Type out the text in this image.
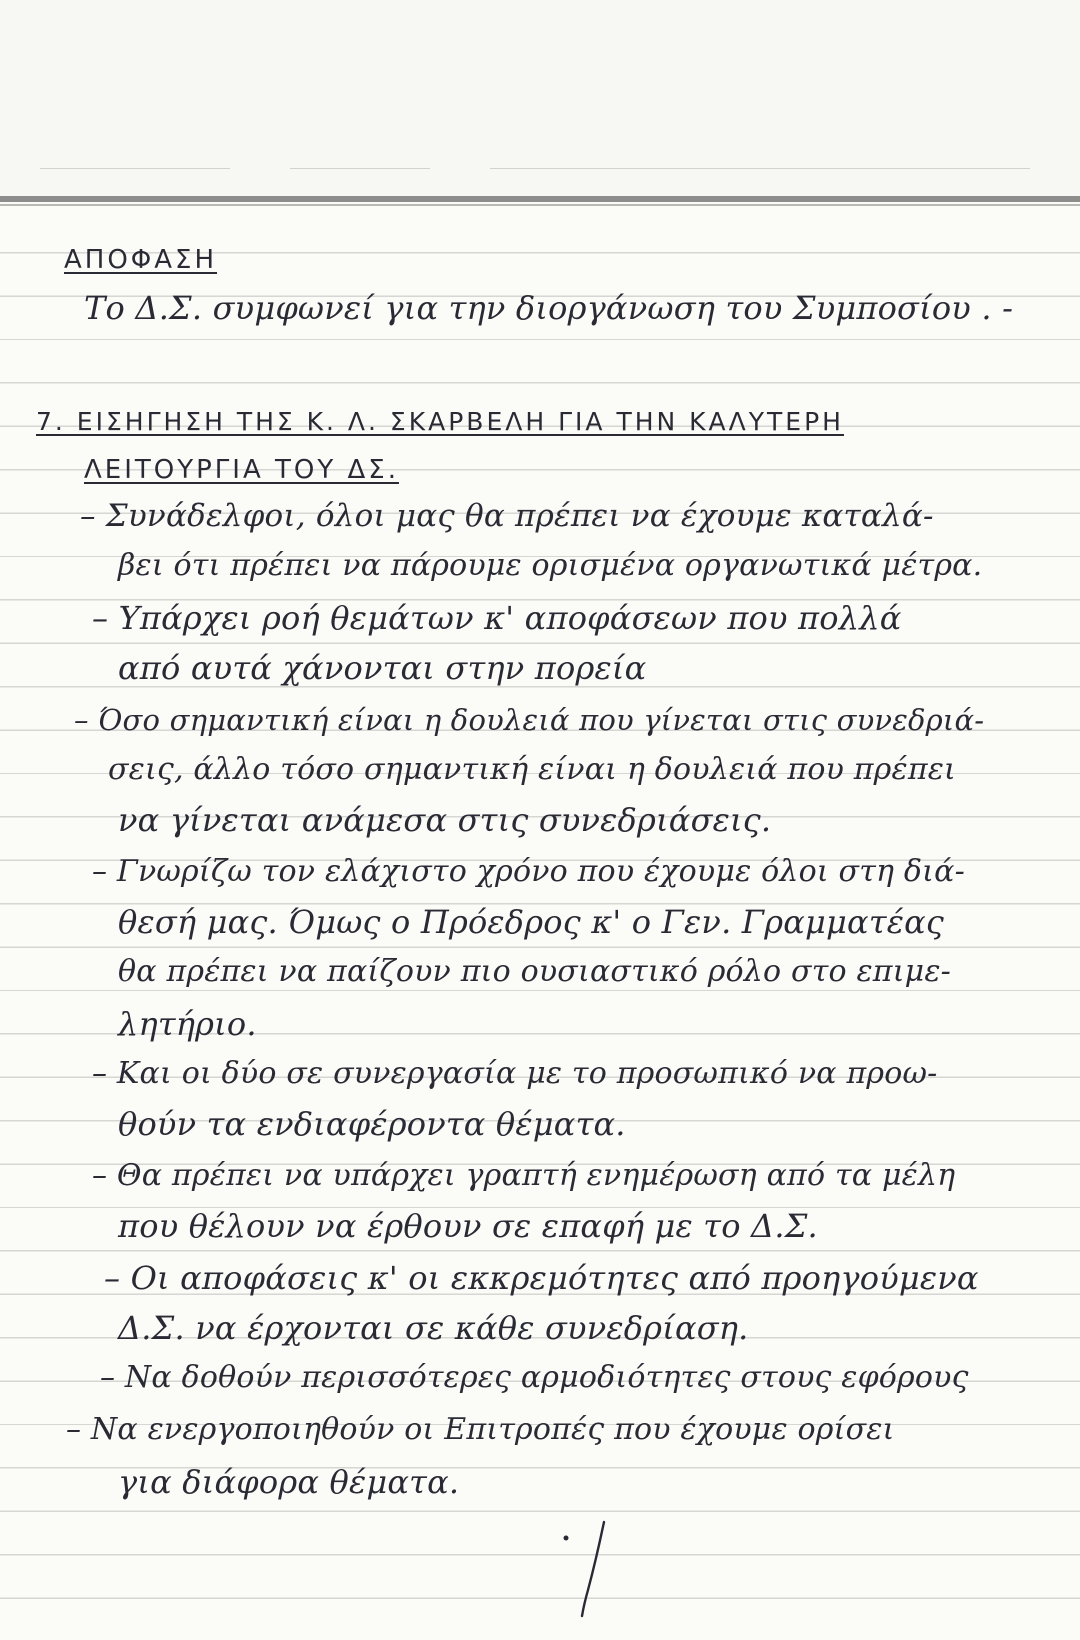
ΑΠΟΦΑΣΗ
Το Δ.Σ. συμφωνεί για την διοργάνωση του Συμποσίου . -
7. ΕΙΣΗΓΗΣΗ ΤΗΣ Κ. Λ. ΣΚΑΡΒΕΛΗ ΓΙΑ ΤΗΝ ΚΑΛΥΤΕΡΗ
ΛΕΙΤΟΥΡΓΙΑ ΤΟΥ ΔΣ.
– Συνάδελφοι, όλοι μας θα πρέπει να έχουμε καταλά-
βει ότι πρέπει να πάρουμε ορισμένα οργανωτικά μέτρα.
– Υπάρχει ροή θεμάτων κ' αποφάσεων που πολλά
από αυτά χάνονται στην πορεία
– Όσο σημαντική είναι η δουλειά που γίνεται στις συνεδριά-
σεις, άλλο τόσο σημαντική είναι η δουλειά που πρέπει
να γίνεται ανάμεσα στις συνεδριάσεις.
– Γνωρίζω τον ελάχιστο χρόνο που έχουμε όλοι στη διά-
θεσή μας. Όμως ο Πρόεδρος κ' ο Γεν. Γραμματέας
θα πρέπει να παίζουν πιο ουσιαστικό ρόλο στο επιμε-
λητήριο.
– Και οι δύο σε συνεργασία με το προσωπικό να προω-
θούν τα ενδιαφέροντα θέματα.
– Θα πρέπει να υπάρχει γραπτή ενημέρωση από τα μέλη
που θέλουν να έρθουν σε επαφή με το Δ.Σ.
– Οι αποφάσεις κ' οι εκκρεμότητες από προηγούμενα
Δ.Σ. να έρχονται σε κάθε συνεδρίαση.
– Να δοθούν περισσότερες αρμοδιότητες στους εφόρους
– Να ενεργοποιηθούν οι Επιτροπές που έχουμε ορίσει
για διάφορα θέματα.
